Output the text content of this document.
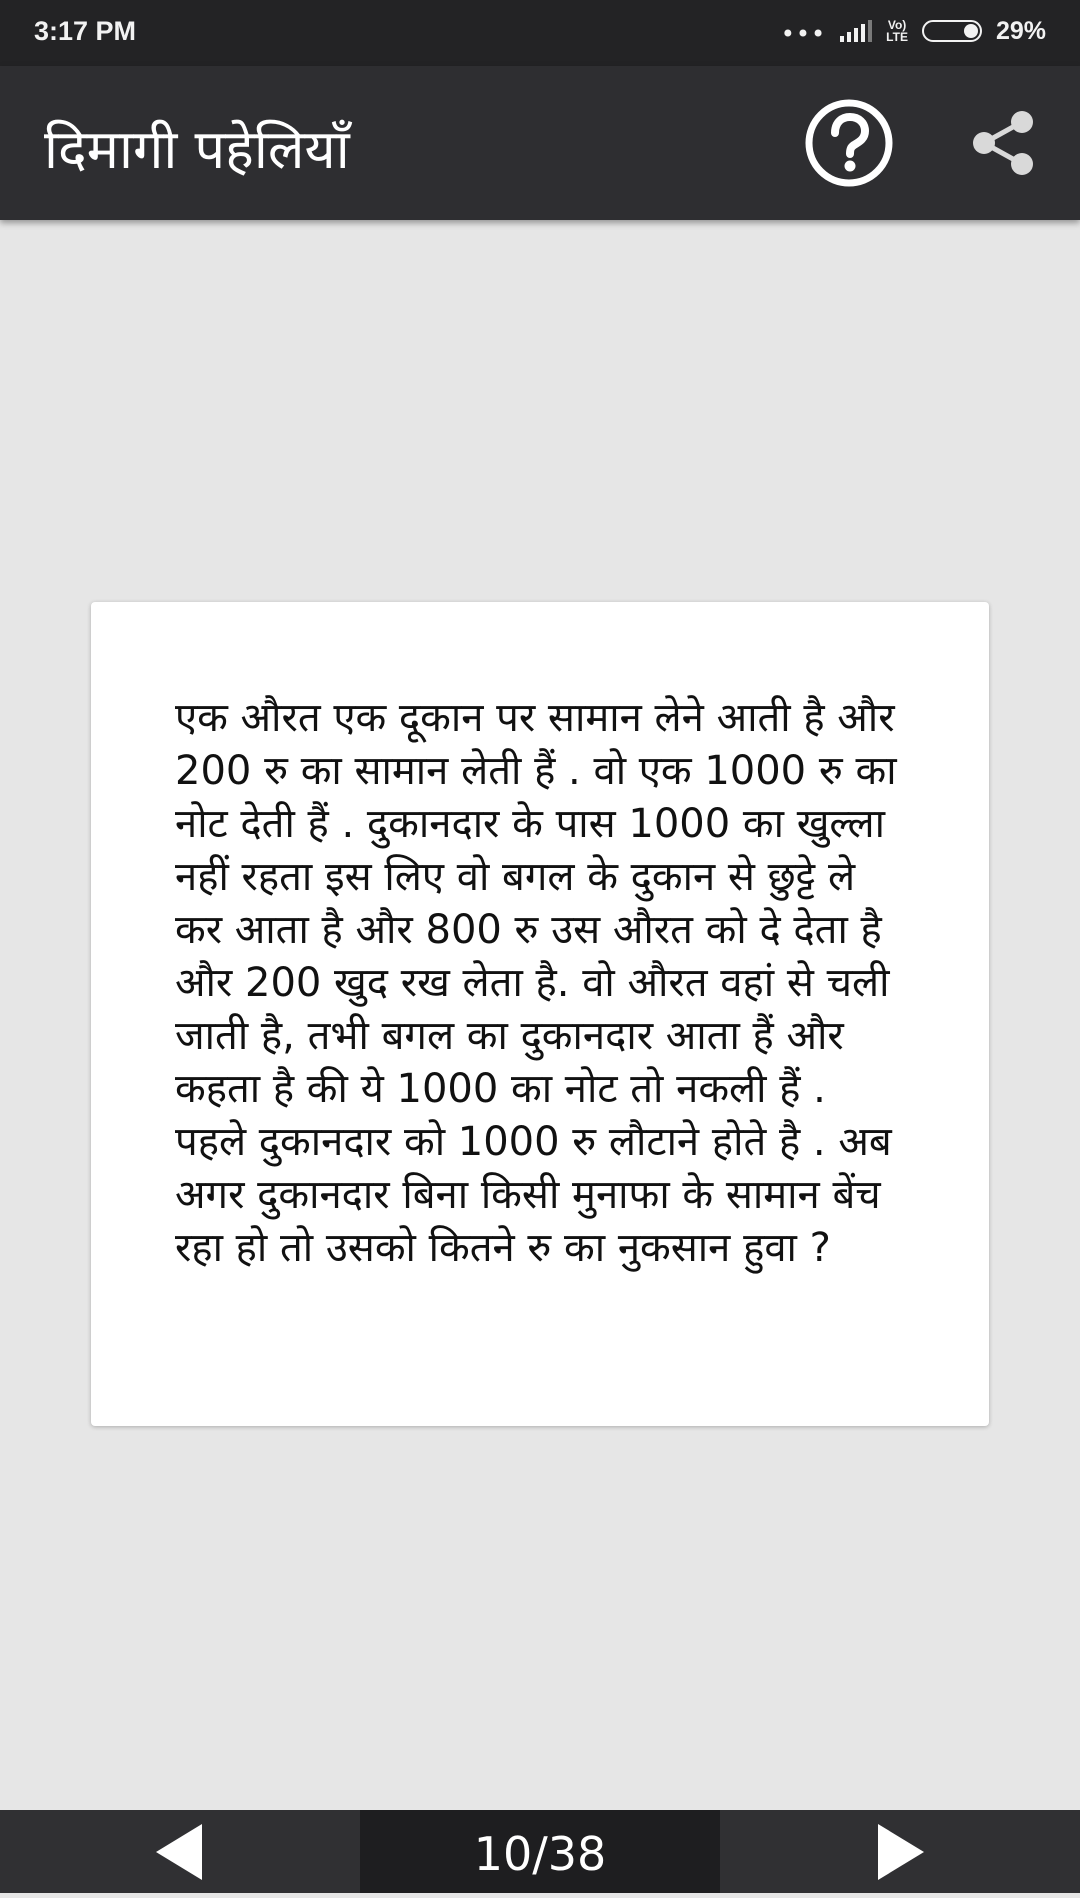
3:17 PM	•••	Vo)
LTE	29%
दिमागी पहेलियाँ
एक औरत एक दूकान पर सामान लेने आती है और 200 रु का सामान लेती हैं . वो एक 1000 रु का नोट देती हैं . दुकानदार के पास 1000 का खुल्ला नहीं रहता इस लिए वो बगल के दुकान से छुट्टे ले कर आता है और 800 रु उस औरत को दे देता है और 200 खुद रख लेता है. वो औरत वहां से चली जाती है, तभी बगल का दुकानदार आता हैं और कहता है की ये 1000 का नोट तो नकली हैं . पहले दुकानदार को 1000 रु लौटाने होते है . अब अगर दुकानदार बिना किसी मुनाफा के सामान बेंच रहा हो तो उसको कितने रु का नुकसान हुवा ?
10/38
